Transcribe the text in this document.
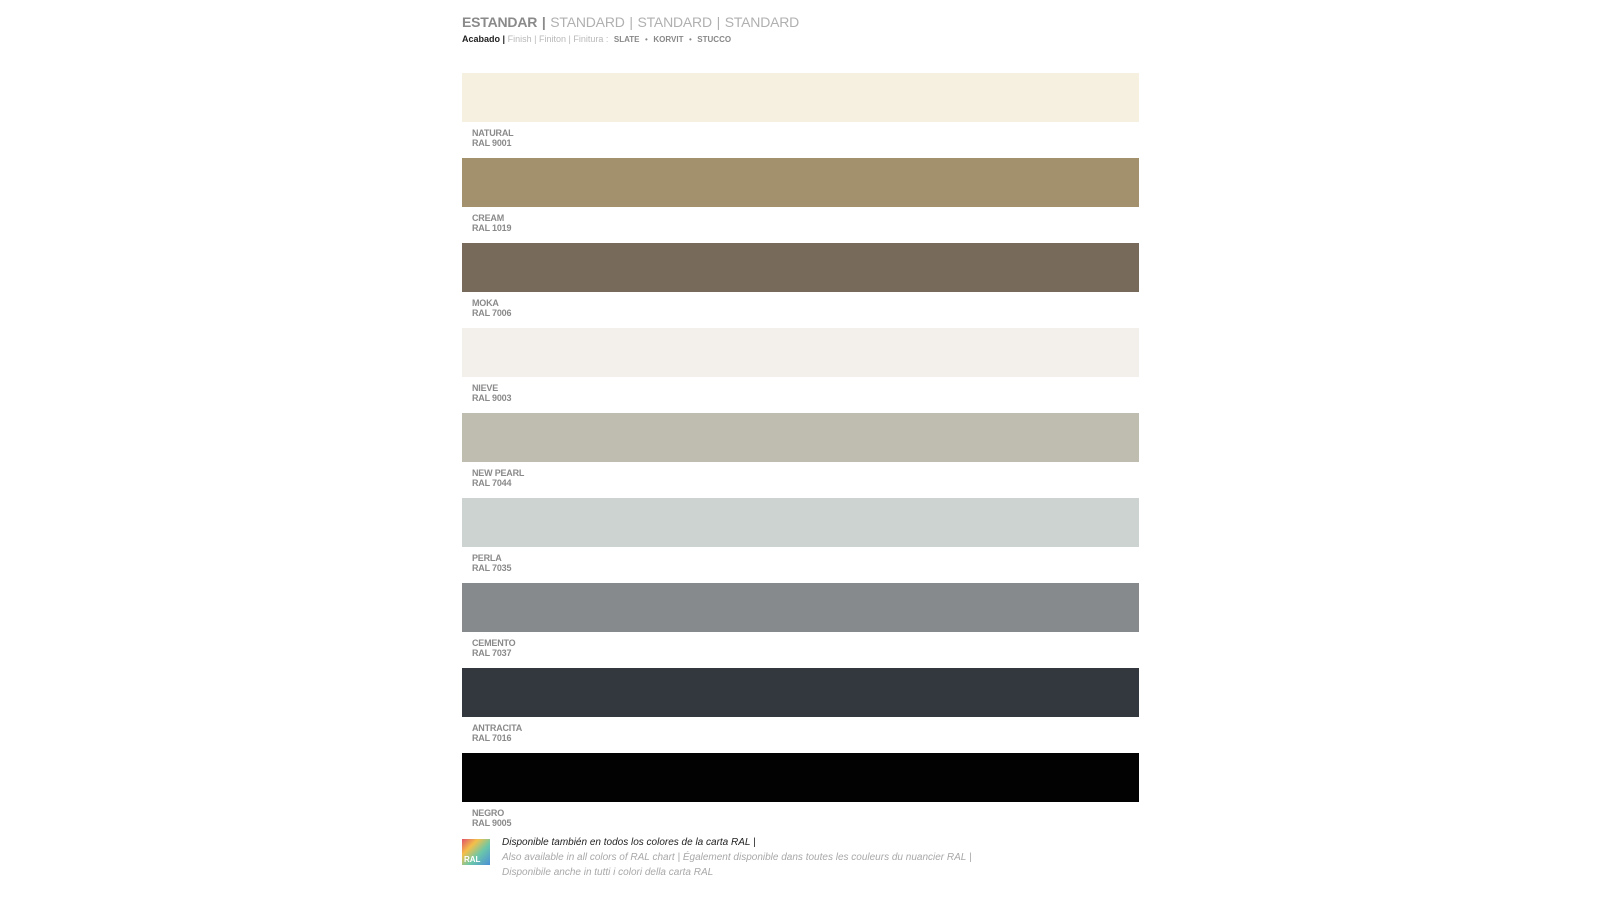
ESTANDAR | STANDARD | STANDARD | STANDARD
Acabado | Finish | Finiton | Finitura : SLATE • KORVIT • STUCCO
NATURAL
RAL 9001
CREAM
RAL 1019
MOKA
RAL 7006
NIEVE
RAL 9003
NEW PEARL
RAL 7044
PERLA
RAL 7035
CEMENTO
RAL 7037
ANTRACITA
RAL 7016
NEGRO
RAL 9005
RAL
Disponible también en todos los colores de la carta RAL |
Also available in all colors of RAL chart | Également disponible dans toutes les couleurs du nuancier RAL |
Disponibile anche in tutti i colori della carta RAL
